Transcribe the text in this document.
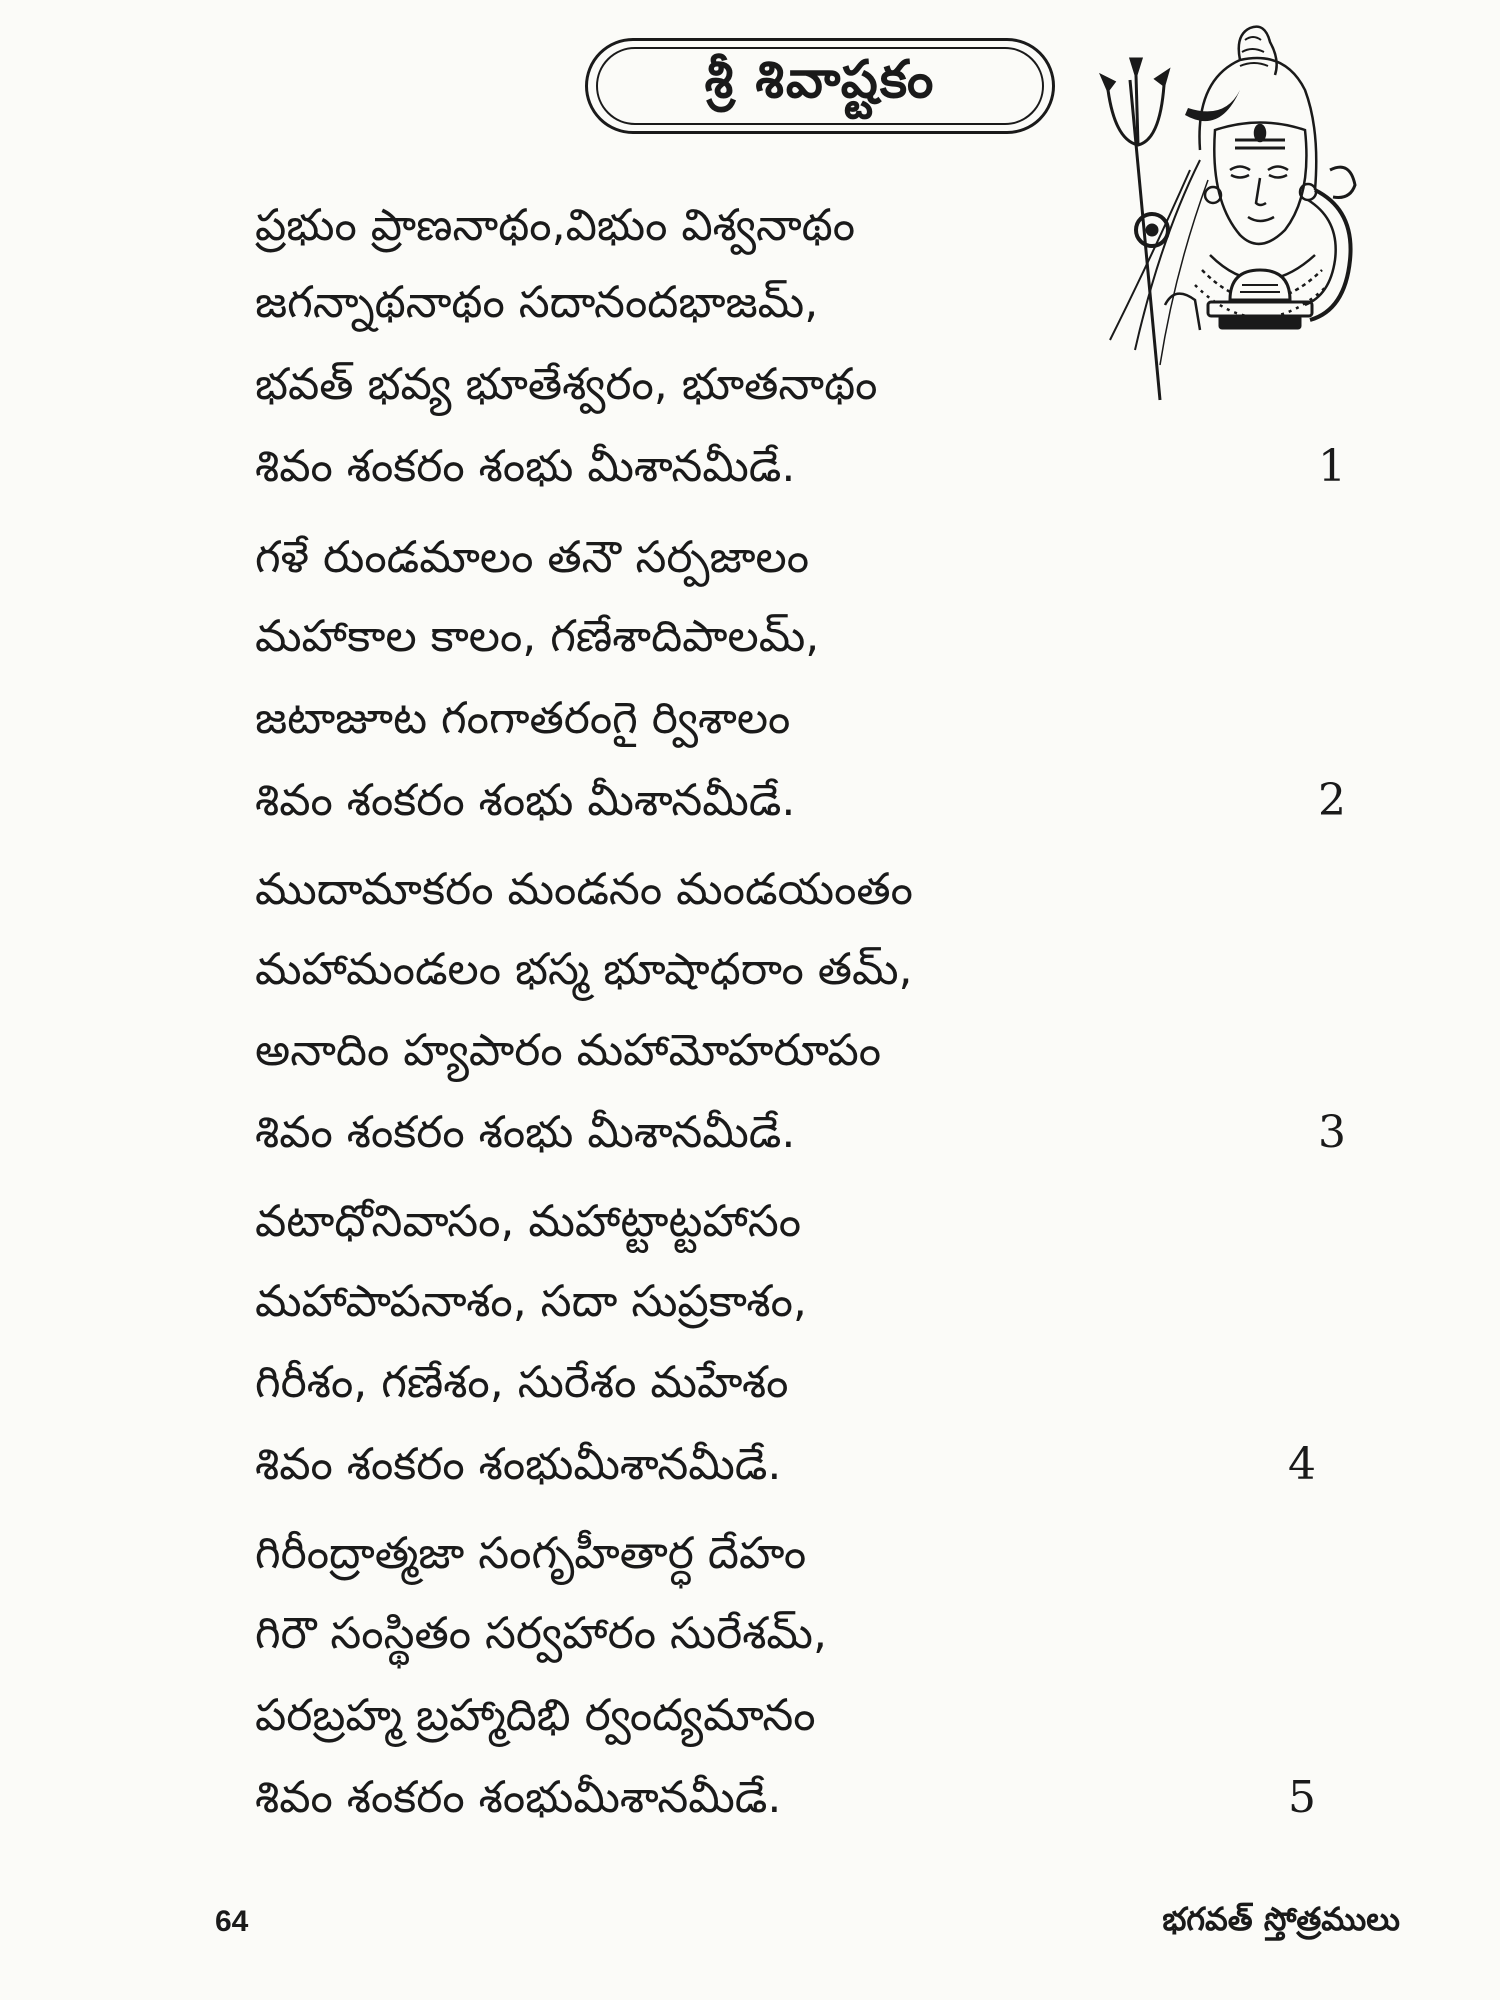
శ్రీ శివాష్టకం
ప్రభుం ప్రాణనాథం,విభుం విశ్వనాథం
జగన్నాథనాథం సదానందభాజమ్,
భవత్ భవ్య భూతేశ్వరం, భూతనాథం
శివం శంకరం శంభు మీశానమీడే.	1
గళే రుండమాలం తనౌ సర్పజాలం
మహాకాల కాలం, గణేశాదిపాలమ్,
జటాజూట గంగాతరంగై ర్విశాలం
శివం శంకరం శంభు మీశానమీడే.	2
ముదామాకరం మండనం మండయంతం
మహామండలం భస్మ భూషాధరాం తమ్,
అనాదిం హ్యపారం మహామోహరూపం
శివం శంకరం శంభు మీశానమీడే.	3
వటాధోనివాసం, మహాట్టాట్టహాసం
మహాపాపనాశం, సదా సుప్రకాశం,
గిరీశం, గణేశం, సురేశం మహేశం
శివం శంకరం శంభుమీశానమీడే.	4
గిరీంద్రాత్మజా సంగృహీతార్ధ దేహం
గిరౌ సంస్థితం సర్వహారం సురేశమ్,
పరబ్రహ్మ బ్రహ్మాదిభి ర్వంద్యమానం
శివం శంకరం శంభుమీశానమీడే.	5
64	భగవత్ స్తోత్రములు
